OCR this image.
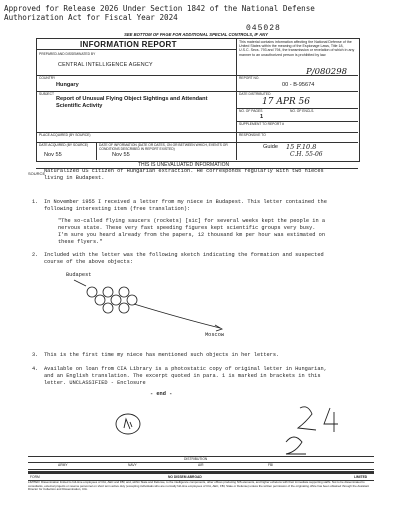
Approved for Release 2026 Under Section 1842 of the National Defense
Authorization Act for Fiscal Year 2024
045028
SEE BOTTOM OF PAGE FOR ADDITIONAL SPECIAL CONTROLS, IF ANY
INFORMATION REPORT
PREPARED AND DISSEMINATED BY
CENTRAL INTELLIGENCE AGENCY
This material contains information affecting the National Defense of the United States within the meaning of the Espionage Laws, Title 18, U.S.C. Secs. 793 and 794, the transmission or revelation of which in any manner to an unauthorized person is prohibited by law.
P/080298
COUNTRY
Hungary
REPORT NO.
00 - B-95674
SUBJECT
Report of Unusual Flying Object Sightings and Attendant Scientific Activity
DATE DISTRIBUTED
17 APR 56
NO. OF PAGES
1
NO. OF ENCLS.
SUPPLEMENT TO REPORT #
PLACE ACQUIRED (BY SOURCE)	RESPONSIVE TO
DATE ACQUIRED (BY SOURCE)	DATE OF INFORMATION (DATE OR DATES, ON OR BETWEEN WHICH, EVENTS OR CONDITIONS DESCRIBED IN REPORT EXISTED)
Nov 55	Nov 55
Guide 15 F.10.8
C.H. 55-06
THIS IS UNEVALUATED INFORMATION
SOURCE
Naturalized US citizen of Hungarian extraction. He corresponds regularly with two nieces living in Budapest.
1. In November 1955 I received a letter from my niece in Budapest. This letter contained the following interesting item (free translation):
"The so-called flying saucers (rockets) [sic] for several weeks kept the people in a nervous state. These very fast speeding figures kept scientific groups very busy. I'm sure you heard already from the papers, 12 thousand km per hour was estimated on these flyers."
2. Included with the letter was the following sketch indicating the formation and suspected course of the above objects:
Budapest
Moscow
3. This is the first time my niece has mentioned such objects in her letters.
4. Available on loan from CIA Library is a photostatic copy of original letter in Hungarian, and an English translation. The excerpt quoted in para. 1 is marked in brackets in this letter. UNCLASSIFIED - Enclosure
- end -
DISTRIBUTION
ARMY	NAVY	AIR	FBI
FORM	NO DISSEM ABROAD	LIMITED
LIMITED: Dissemination limited to full-time employees of CIA, AEC and FBI; and, within State and Defense, to the intelligence components, other offices producing NIS elements, and higher echelons with their immediate supporting staffs. Not to be disseminated to consultants, external projects or reserve personnel on short term active duty (excepting individuals who are normally full-time employees of CIA, AEC, FBI, State or Defense) unless the written permission of the originating office has been obtained through the Assistant Director for Collection and Dissemination, CIA.
